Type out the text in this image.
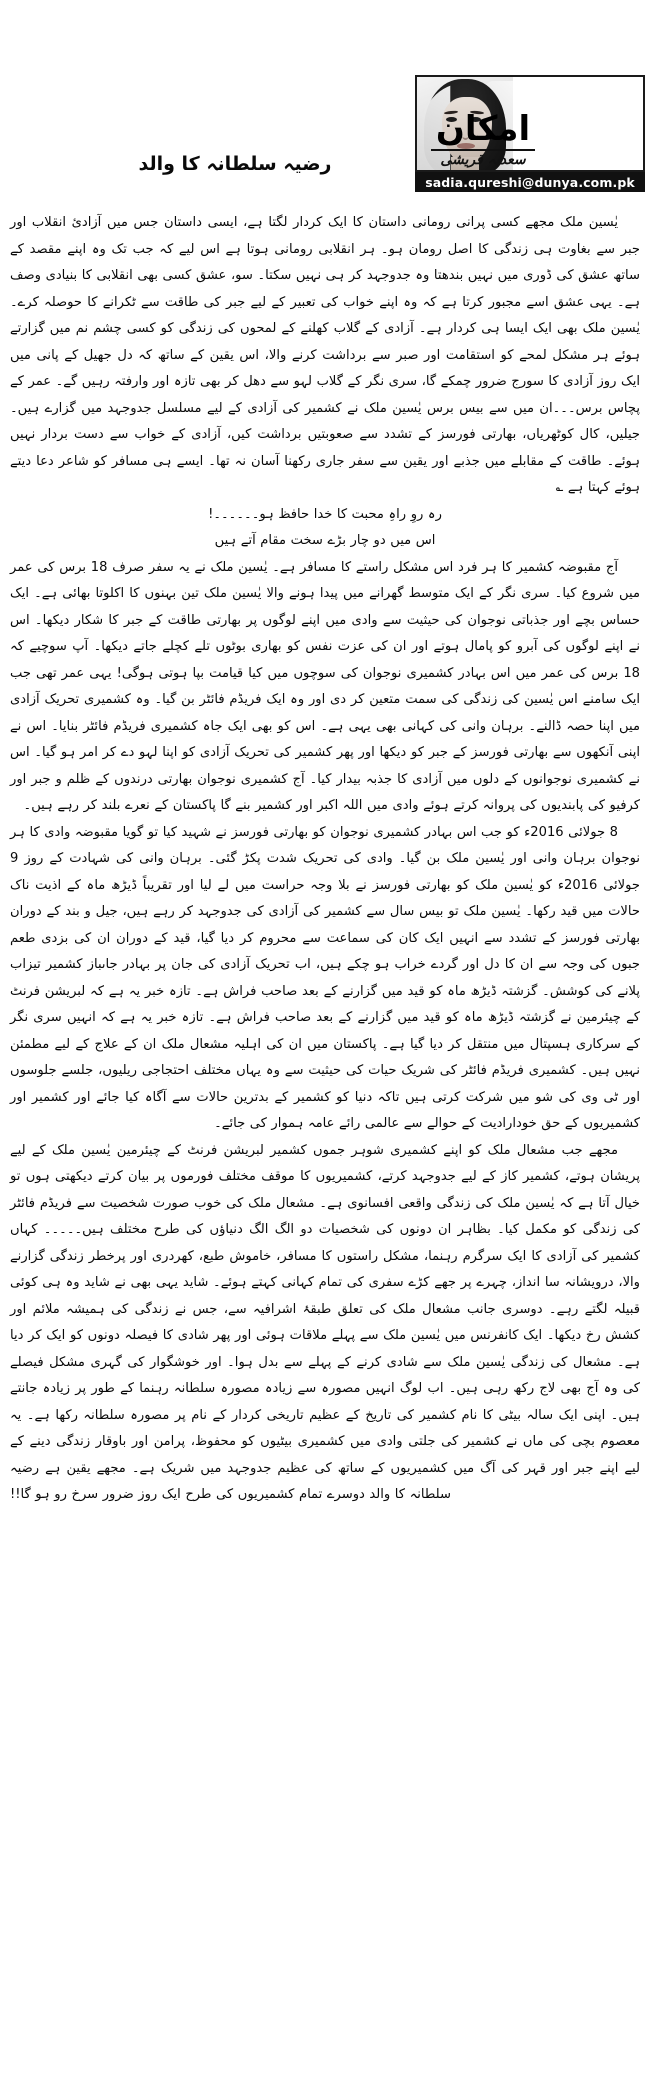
امکان
سعدیہ قریشی
sadia.qureshi@dunya.com.pk
رضیہ سلطانہ کا والد

یٰسین ملک مجھے کسی پرانی رومانی داستان کا ایک کردار لگتا ہے، ایسی داستان جس میں آزادیٔ انقلاب اور جبر سے بغاوت ہی زندگی کا اصل رومان ہو۔ ہر انقلابی رومانی ہوتا ہے اس لیے کہ جب تک وہ اپنے مقصد کے ساتھ عشق کی ڈوری میں نہیں بندھتا وہ جدوجہد کر ہی نہیں سکتا۔ سو، عشق کسی بھی انقلابی کا بنیادی وصف ہے۔ یہی عشق اسے مجبور کرتا ہے کہ وہ اپنے خواب کی تعبیر کے لیے جبر کی طاقت سے ٹکرانے کا حوصلہ کرے۔ یٰسین ملک بھی ایک ایسا ہی کردار ہے۔ آزادی کے گلاب کھلنے کے لمحوں کی زندگی کو کسی چشم نم میں گزارتے ہوئے ہر مشکل لمحے کو استقامت اور صبر سے برداشت کرنے والا، اس یقین کے ساتھ کہ دل جھیل کے پانی میں ایک روز آزادی کا سورج ضرور چمکے گا، سری نگر کے گلاب لہو سے دھل کر بھی تازہ اور وارفتہ رہیں گے۔ عمر کے پچاس برس۔۔۔ان میں سے بیس برس یٰسین ملک نے کشمیر کی آزادی کے لیے مسلسل جدوجہد میں گزارے ہیں۔ جیلیں، کال کوٹھریاں، بھارتی فورسز کے تشدد سے صعوبتیں برداشت کیں، آزادی کے خواب سے دست بردار نہیں ہوئے۔ طاقت کے مقابلے میں جذبے اور یقین سے سفر جاری رکھنا آسان نہ تھا۔ ایسے ہی مسافر کو شاعر دعا دیتے ہوئے کہتا ہے ؎

رہ روِ راہِ محبت کا خدا حافظ ہو۔۔۔۔۔۔!

اس میں دو چار بڑے سخت مقام آتے ہیں

آج مقبوضہ کشمیر کا ہر فرد اس مشکل راستے کا مسافر ہے۔ یٰسین ملک نے یہ سفر صرف 18 برس کی عمر میں شروع کیا۔ سری نگر کے ایک متوسط گھرانے میں پیدا ہونے والا یٰسین ملک تین بہنوں کا اکلوتا بھائی ہے۔ ایک حساس بچے اور جذباتی نوجوان کی حیثیت سے وادی میں اپنے لوگوں پر بھارتی طاقت کے جبر کا شکار دیکھا۔ اس نے اپنے لوگوں کی آبرو کو پامال ہوتے اور ان کی عزت نفس کو بھاری بوٹوں تلے کچلے جاتے دیکھا۔ آپ سوچیے کہ 18 برس کی عمر میں اس بہادر کشمیری نوجوان کی سوچوں میں کیا قیامت بپا ہوتی ہوگی! یہی عمر تھی جب ایک سامنے اس یٰسین کی زندگی کی سمت متعین کر دی اور وہ ایک فریڈم فائٹر بن گیا۔ وہ کشمیری تحریک آزادی میں اپنا حصہ ڈالنے۔ برہان وانی کی کہانی بھی یہی ہے۔ اس کو بھی ایک جاہ کشمیری فریڈم فائٹر بنایا۔ اس نے اپنی آنکھوں سے بھارتی فورسز کے جبر کو دیکھا اور پھر کشمیر کی تحریک آزادی کو اپنا لہو دے کر امر ہو گیا۔ اس نے کشمیری نوجوانوں کے دلوں میں آزادی کا جذبہ بیدار کیا۔ آج کشمیری نوجوان بھارتی درندوں کے ظلم و جبر اور کرفیو کی پابندیوں کی پروانہ کرتے ہوئے وادی میں اللہ اکبر اور کشمیر بنے گا پاکستان کے نعرے بلند کر رہے ہیں۔

8 جولائی 2016ء کو جب اس بہادر کشمیری نوجوان کو بھارتی فورسز نے شہید کیا تو گویا مقبوضہ وادی کا ہر نوجوان برہان وانی اور یٰسین ملک بن گیا۔ وادی کی تحریک شدت پکڑ گئی۔ برہان وانی کی شہادت کے روز 9 جولائی 2016ء کو یٰسین ملک کو بھارتی فورسز نے بلا وجہ حراست میں لے لیا اور تقریباً ڈیڑھ ماہ کے اذیت ناک حالات میں قید رکھا۔ یٰسین ملک تو بیس سال سے کشمیر کی آزادی کی جدوجہد کر رہے ہیں، جیل و بند کے دوران بھارتی فورسز کے تشدد سے انہیں ایک کان کی سماعت سے محروم کر دیا گیا، قید کے دوران ان کی بزدی طعم جبوں کی وجہ سے ان کا دل اور گردے خراب ہو چکے ہیں، اب تحریک آزادی کی جان پر بہادر جاںباز کشمیر تیزاب پلانے کی کوشش۔ گزشتہ ڈیڑھ ماہ کو قید میں گزارنے کے بعد صاحب فراش ہے۔ تازہ خبر یہ ہے کہ لبریشن فرنٹ کے چیئرمین نے گزشتہ ڈیڑھ ماہ کو قید میں گزارنے کے بعد صاحب فراش ہے۔ تازہ خبر یہ ہے کہ انہیں سری نگر کے سرکاری ہسپتال میں منتقل کر دیا گیا ہے۔ پاکستان میں ان کی اہلیہ مشعال ملک ان کے علاج کے لیے مطمئن نہیں ہیں۔ کشمیری فریڈم فائٹر کی شریک حیات کی حیثیت سے وہ یہاں مختلف احتجاجی ریلیوں، جلسے جلوسوں اور ٹی وی کی شو میں شرکت کرتی ہیں تاکہ دنیا کو کشمیر کے بدترین حالات سے آگاہ کیا جائے اور کشمیر اور کشمیریوں کے حق خودارادیت کے حوالے سے عالمی رائے عامہ ہموار کی جائے۔

مجھے جب مشعال ملک کو اپنے کشمیری شوہر جموں کشمیر لبریشن فرنٹ کے چیئرمین یٰسین ملک کے لیے پریشان ہوتے، کشمیر کاز کے لیے جدوجہد کرتے، کشمیریوں کا موقف مختلف فورموں پر بیان کرتے دیکھتی ہوں تو خیال آتا ہے کہ یٰسین ملک کی زندگی واقعی افسانوی ہے۔ مشعال ملک کی خوب صورت شخصیت سے فریڈم فائٹر کی زندگی کو مکمل کیا۔ بظاہر ان دونوں کی شخصیات دو الگ الگ دنیاؤں کی طرح مختلف ہیں۔۔۔۔۔ کہاں کشمیر کی آزادی کا ایک سرگرم رہنما، مشکل راستوں کا مسافر، خاموش طبع، کھردری اور پرخطر زندگی گزارنے والا، درویشانہ سا انداز، چہرے پر جھے کڑے سفری کی تمام کہانی کہتے ہوئے۔ شاید یہی بھی نے شاید وہ ہی کوئی قبیلہ لگتے رہے۔ دوسری جانب مشعال ملک کی تعلق طبقۂ اشرافیہ سے، جس نے زندگی کی ہمیشہ ملائم اور کشش رخ دیکھا۔ ایک کانفرنس میں یٰسین ملک سے پہلے ملاقات ہوئی اور پھر شادی کا فیصلہ دونوں کو ایک کر دیا ہے۔ مشعال کی زندگی یٰسین ملک سے شادی کرنے کے پہلے سے بدل ہوا۔ اور خوشگوار کی گہری مشکل فیصلے کی وہ آج بھی لاج رکھ رہی ہیں۔ اب لوگ انہیں مصورہ سے زیادہ مصورہ سلطانہ رہنما کے طور پر زیادہ جانتے ہیں۔ اپنی ایک سالہ بیٹی کا نام کشمیر کی تاریخ کے عظیم تاریخی کردار کے نام پر مصورہ سلطانہ رکھا ہے۔ یہ معصوم بچی کی ماں نے کشمیر کی جلتی وادی میں کشمیری بیٹیوں کو محفوظ، پرامن اور باوقار زندگی دینے کے لیے اپنے جبر اور قہر کی آگ میں کشمیریوں کے ساتھ کی عظیم جدوجہد میں شریک ہے۔ مجھے یقین ہے رضیہ سلطانہ کا والد دوسرے تمام کشمیریوں کی طرح ایک روز ضرور سرخ رو ہو گا!!
